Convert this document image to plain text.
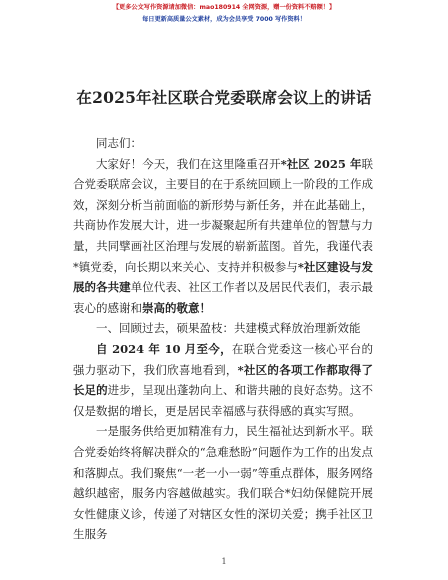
【更多公文写作资源请加微信：mao180914 全网资源，赠一份资料不赔额！】
每日更新高质量公文素材，成为会员享受 7000 写作资料！
在2025年社区联合党委联席会议上的讲话

同志们：

大家好！今天，我们在这里隆重召开*社区 2025 年联合党委联席会议，主要目的在于系统回顾上一阶段的工作成效，深刻分析当前面临的新形势与新任务，并在此基础上，共商协作发展大计，进一步凝聚起所有共建单位的智慧与力量，共同擘画社区治理与发展的崭新蓝图。首先，我谨代表*镇党委，向长期以来关心、支持并积极参与*社区建设与发展的各共建单位代表、社区工作者以及居民代表们，表示最衷心的感谢和崇高的敬意！

一、回顾过去，硕果盈枝：共建模式释放治理新效能

自 2024 年 10 月至今，在联合党委这一核心平台的强力驱动下，我们欣喜地看到，*社区的各项工作都取得了长足的进步，呈现出蓬勃向上、和谐共融的良好态势。这不仅是数据的增长，更是居民幸福感与获得感的真实写照。

一是服务供给更加精准有力，民生福祉达到新水平。联合党委始终将解决群众的“急难愁盼”问题作为工作的出发点和落脚点。我们聚焦“一老一小一弱”等重点群体，服务网络越织越密，服务内容越做越实。我们联合*妇幼保健院开展女性健康义诊，传递了对辖区女性的深切关爱；携手社区卫生服务

1
